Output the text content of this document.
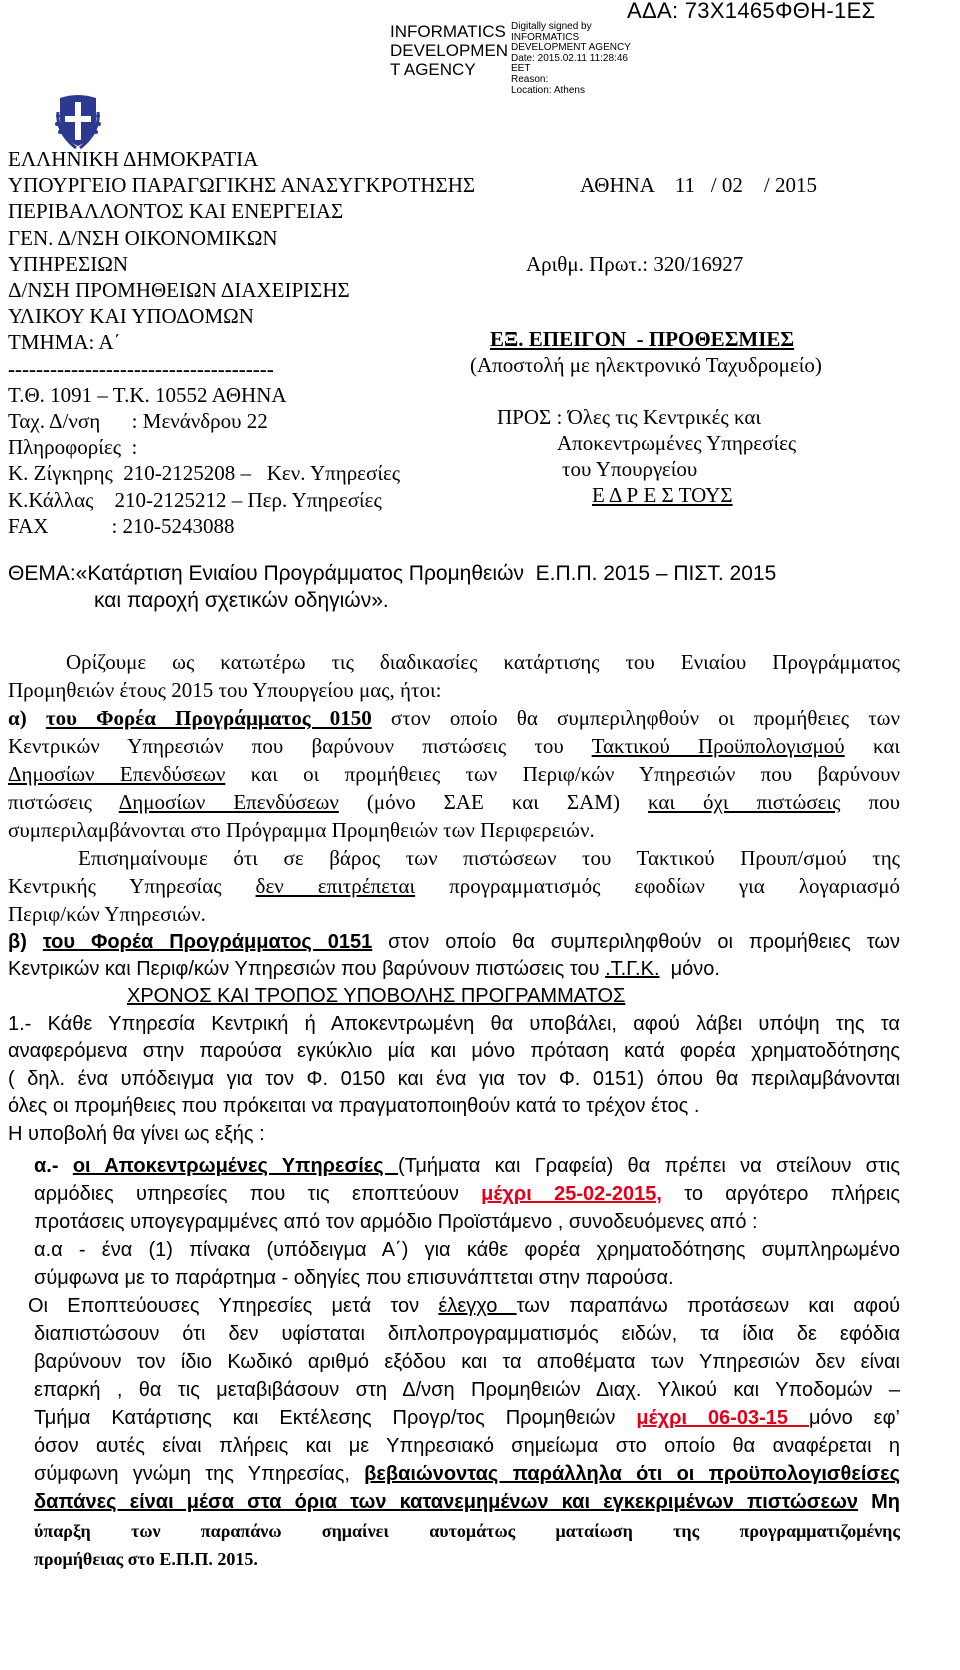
ΑΔΑ: 73Χ1465ΦΘΗ-1ΕΣ
INFORMATICS
DEVELOPMEN
T AGENCY
Digitally signed by
INFORMATICS
DEVELOPMENT AGENCY
Date: 2015.02.11 11:28:46
EET
Reason:
Location: Athens
ΕΛΛΗΝΙΚΗ ΔΗΜΟΚΡΑΤΙΑ
ΥΠΟΥΡΓΕΙΟ ΠΑΡΑΓΩΓΙΚΗΣ ΑΝΑΣΥΓΚΡΟΤΗΣΗΣ
ΠΕΡΙΒΑΛΛΟΝΤΟΣ ΚΑΙ ΕΝΕΡΓΕΙΑΣ
ΓΕΝ. Δ/ΝΣΗ ΟΙΚΟΝΟΜΙΚΩΝ
ΥΠΗΡΕΣΙΩΝ
Δ/ΝΣΗ ΠΡΟΜΗΘΕΙΩΝ ΔΙΑΧΕΙΡΙΣΗΣ
ΥΛΙΚΟΥ ΚΑΙ ΥΠΟΔΟΜΩΝ
ΤΜΗΜΑ: Α΄
--------------------------------------
Τ.Θ. 1091 – Τ.Κ. 10552 ΑΘΗΝΑ
Ταχ. Δ/νση      : Μενάνδρου 22
Πληροφορίες  :
Κ. Ζίγκηρης  210-2125208 –   Κεν. Υπηρεσίες
Κ.Κάλλας    210-2125212 – Περ. Υπηρεσίες
FAX            : 210-5243088
ΑΘΗΝΑ    11   / 02    / 2015
Αριθμ. Πρωτ.: 320/16927
ΕΞ. ΕΠΕΙΓΟΝ  - ΠΡΟΘΕΣΜΙΕΣ
(Αποστολή με ηλεκτρονικό Ταχυδρομείο)
ΠΡΟΣ : Όλες τις Κεντρικές και
Αποκεντρωμένες Υπηρεσίες
του Υπουργείου
Ε Δ Ρ Ε Σ ΤΟΥΣ
ΘΕΜΑ:«Κατάρτιση Ενιαίου Προγράμματος Προμηθειών  Ε.Π.Π. 2015 – ΠΙΣΤ. 2015
και παροχή σχετικών οδηγιών».
Ορίζουμε ως κατωτέρω τις διαδικασίες κατάρτισης του Ενιαίου Προγράμματος
Προμηθειών έτους 2015 του Υπουργείου μας, ήτοι:
α) του Φορέα Προγράμματος 0150 στον οποίο θα συμπεριληφθούν οι προμήθειες των
Κεντρικών Υπηρεσιών που βαρύνουν πιστώσεις του Τακτικού Προϋπολογισμού και
Δημοσίων Επενδύσεων και οι προμήθειες των Περιφ/κών Υπηρεσιών που βαρύνουν
πιστώσεις Δημοσίων Επενδύσεων (μόνο ΣΑΕ και ΣΑΜ) και όχι πιστώσεις που
συμπεριλαμβάνονται στο Πρόγραμμα Προμηθειών των Περιφερειών.
Επισημαίνουμε ότι σε βάρος των πιστώσεων του Τακτικού Προυπ/σμού της
Κεντρικής Υπηρεσίας δεν επιτρέπεται προγραμματισμός εφοδίων για λογαριασμό
Περιφ/κών Υπηρεσιών.
β) του Φορέα Προγράμματος 0151 στον οποίο θα συμπεριληφθούν οι προμήθειες των
Κεντρικών και Περιφ/κών Υπηρεσιών που βαρύνουν πιστώσεις του .Τ.Γ.Κ.  μόνο.
ΧΡΟΝΟΣ ΚΑΙ ΤΡΟΠΟΣ ΥΠΟΒΟΛΗΣ ΠΡΟΓΡΑΜΜΑΤΟΣ
1.- Κάθε Υπηρεσία Κεντρική ή Αποκεντρωμένη θα υποβάλει, αφού λάβει υπόψη της τα
αναφερόμενα στην παρούσα εγκύκλιο μία και μόνο πρόταση κατά φορέα χρηματοδότησης
( δηλ. ένα υπόδειγμα για τον Φ. 0150 και ένα για τον Φ. 0151) όπου θα περιλαμβάνονται
όλες οι προμήθειες που πρόκειται να πραγματοποιηθούν κατά το τρέχον έτος .
Η υποβολή θα γίνει ως εξής :
α.- οι Αποκεντρωμένες Υπηρεσίες (Τμήματα και Γραφεία) θα πρέπει να στείλουν στις
αρμόδιες υπηρεσίες που τις εποπτεύουν μέχρι 25-02-2015, το αργότερο πλήρεις
προτάσεις υπογεγραμμένες από τον αρμόδιο Προϊστάμενο , συνοδευόμενες από :
α.α - ένα (1) πίνακα (υπόδειγμα Α΄) για κάθε φορέα χρηματοδότησης συμπληρωμένο
σύμφωνα με το παράρτημα - οδηγίες που επισυνάπτεται στην παρούσα.
Οι Εποπτεύουσες Υπηρεσίες μετά τον έλεγχο των παραπάνω προτάσεων και αφού
διαπιστώσουν ότι δεν υφίσταται διπλοπρογραμματισμός ειδών, τα ίδια δε εφόδια
βαρύνουν τον ίδιο Κωδικό αριθμό εξόδου και τα αποθέματα των Υπηρεσιών δεν είναι
επαρκή , θα τις μεταβιβάσουν στη Δ/νση Προμηθειών Διαχ. Υλικού και Υποδομών –
Τμήμα Κατάρτισης και Εκτέλεσης Προγρ/τος Προμηθειών μέχρι 06-03-15 μόνο εφ’
όσον αυτές είναι πλήρεις και με Υπηρεσιακό σημείωμα στο οποίο θα αναφέρεται η
σύμφωνη γνώμη της Υπηρεσίας, βεβαιώνοντας παράλληλα ότι οι προϋπολογισθείσες
δαπάνες είναι μέσα στα όρια των κατανεμημένων και εγκεκριμένων πιστώσεων Μη
ύπαρξη των παραπάνω σημαίνει αυτομάτως ματαίωση της προγραμματιζομένης
προμήθειας στο Ε.Π.Π. 2015.
